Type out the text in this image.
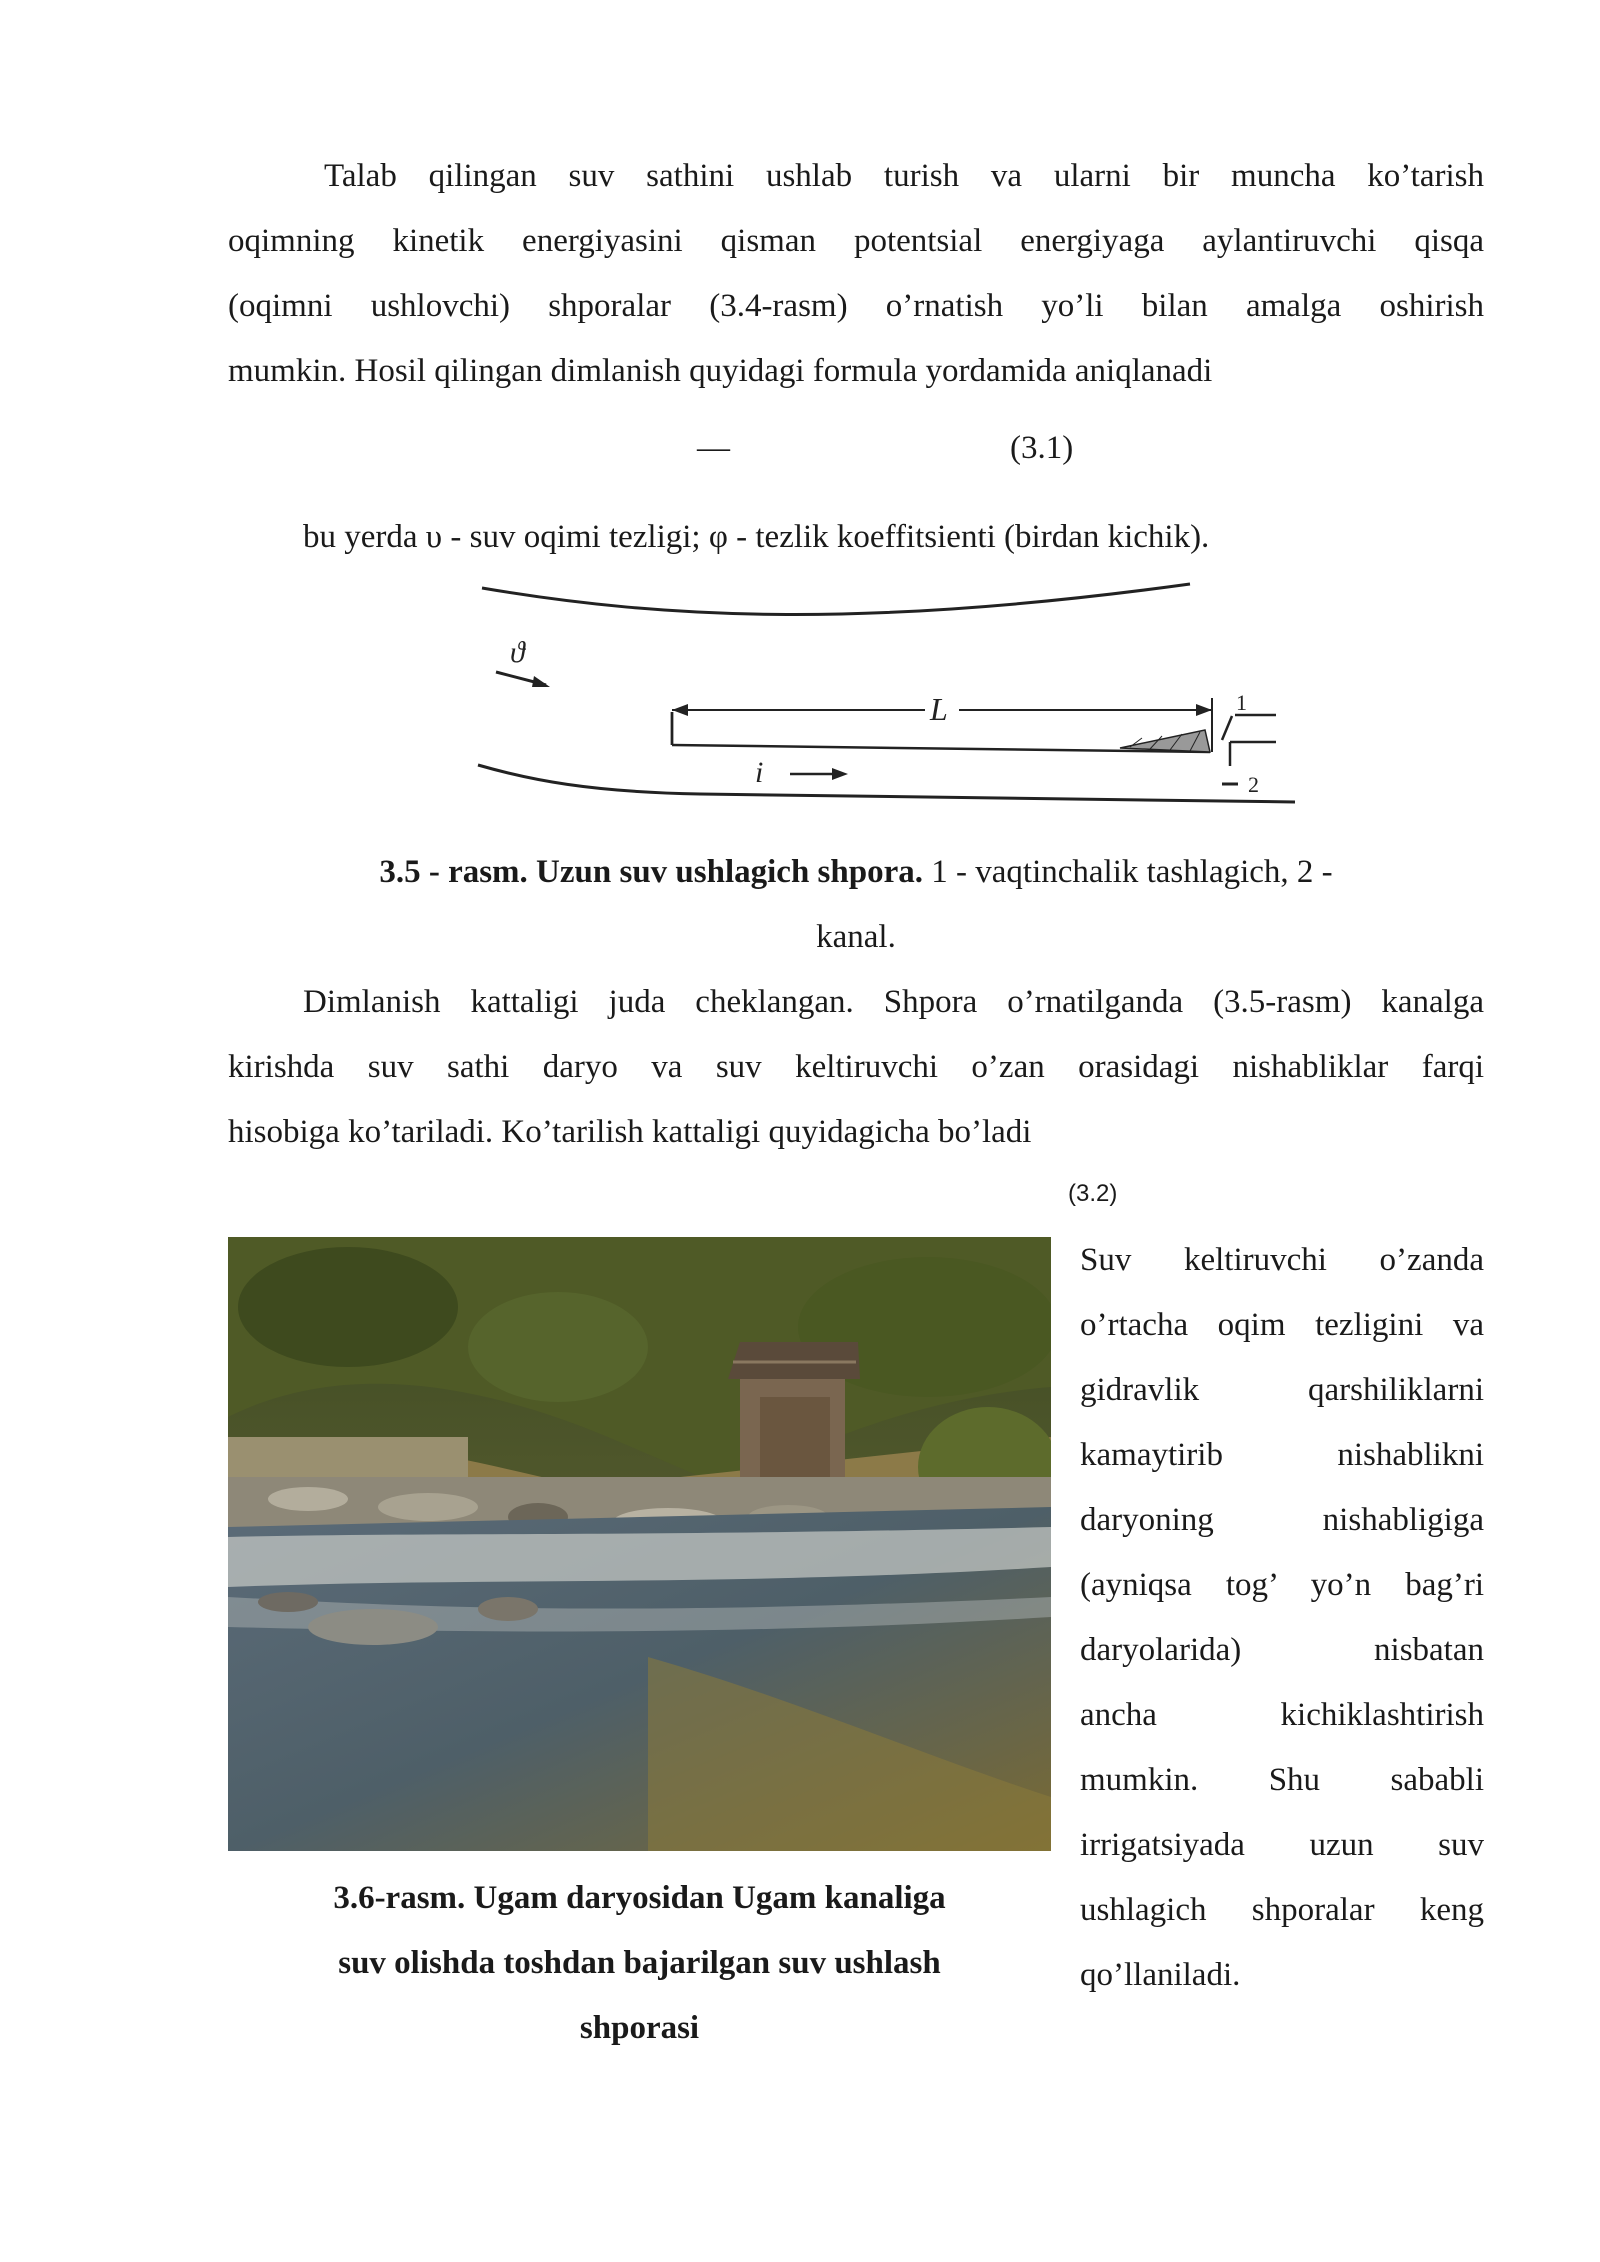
Talab qilingan suv sathini ushlab turish va ularni bir muncha ko’tarish
oqimning kinetik energiyasini qisman potentsial energiyaga aylantiruvchi qisqa
(oqimni ushlovchi) shporalar (3.4-rasm) o’rnatish yo’li bilan amalga oshirish
mumkin. Hosil qilingan dimlanish quyidagi formula yordamida aniqlanadi
—	(3.1)
bu yerda υ - suv oqimi tezligi; φ - tezlik koeffitsienti (birdan kichik).
ϑ
L
i
1
2
3.5 - rasm. Uzun suv ushlagich shpora. 1 - vaqtinchalik tashlagich, 2 -
kanal.
Dimlanish kattaligi juda cheklangan. Shpora o’rnatilganda (3.5-rasm) kanalga
kirishda suv sathi daryo va suv keltiruvchi o’zan orasidagi nishabliklar farqi
hisobiga ko’tariladi. Ko’tarilish kattaligi quyidagicha bo’ladi
(3.2)
Suv keltiruvchi o’zanda
o’rtacha oqim tezligini va
gidravlik qarshiliklarni
kamaytirib nishablikni
daryoning nishabligiga
(ayniqsa tog’ yo’n bag’ri
daryolarida) nisbatan
ancha kichiklashtirish
mumkin. Shu sababli
irrigatsiyada uzun suv
ushlagich shporalar keng
qo’llaniladi.
3.6-rasm. Ugam daryosidan Ugam kanaliga
suv olishda toshdan bajarilgan suv ushlash
shporasi
